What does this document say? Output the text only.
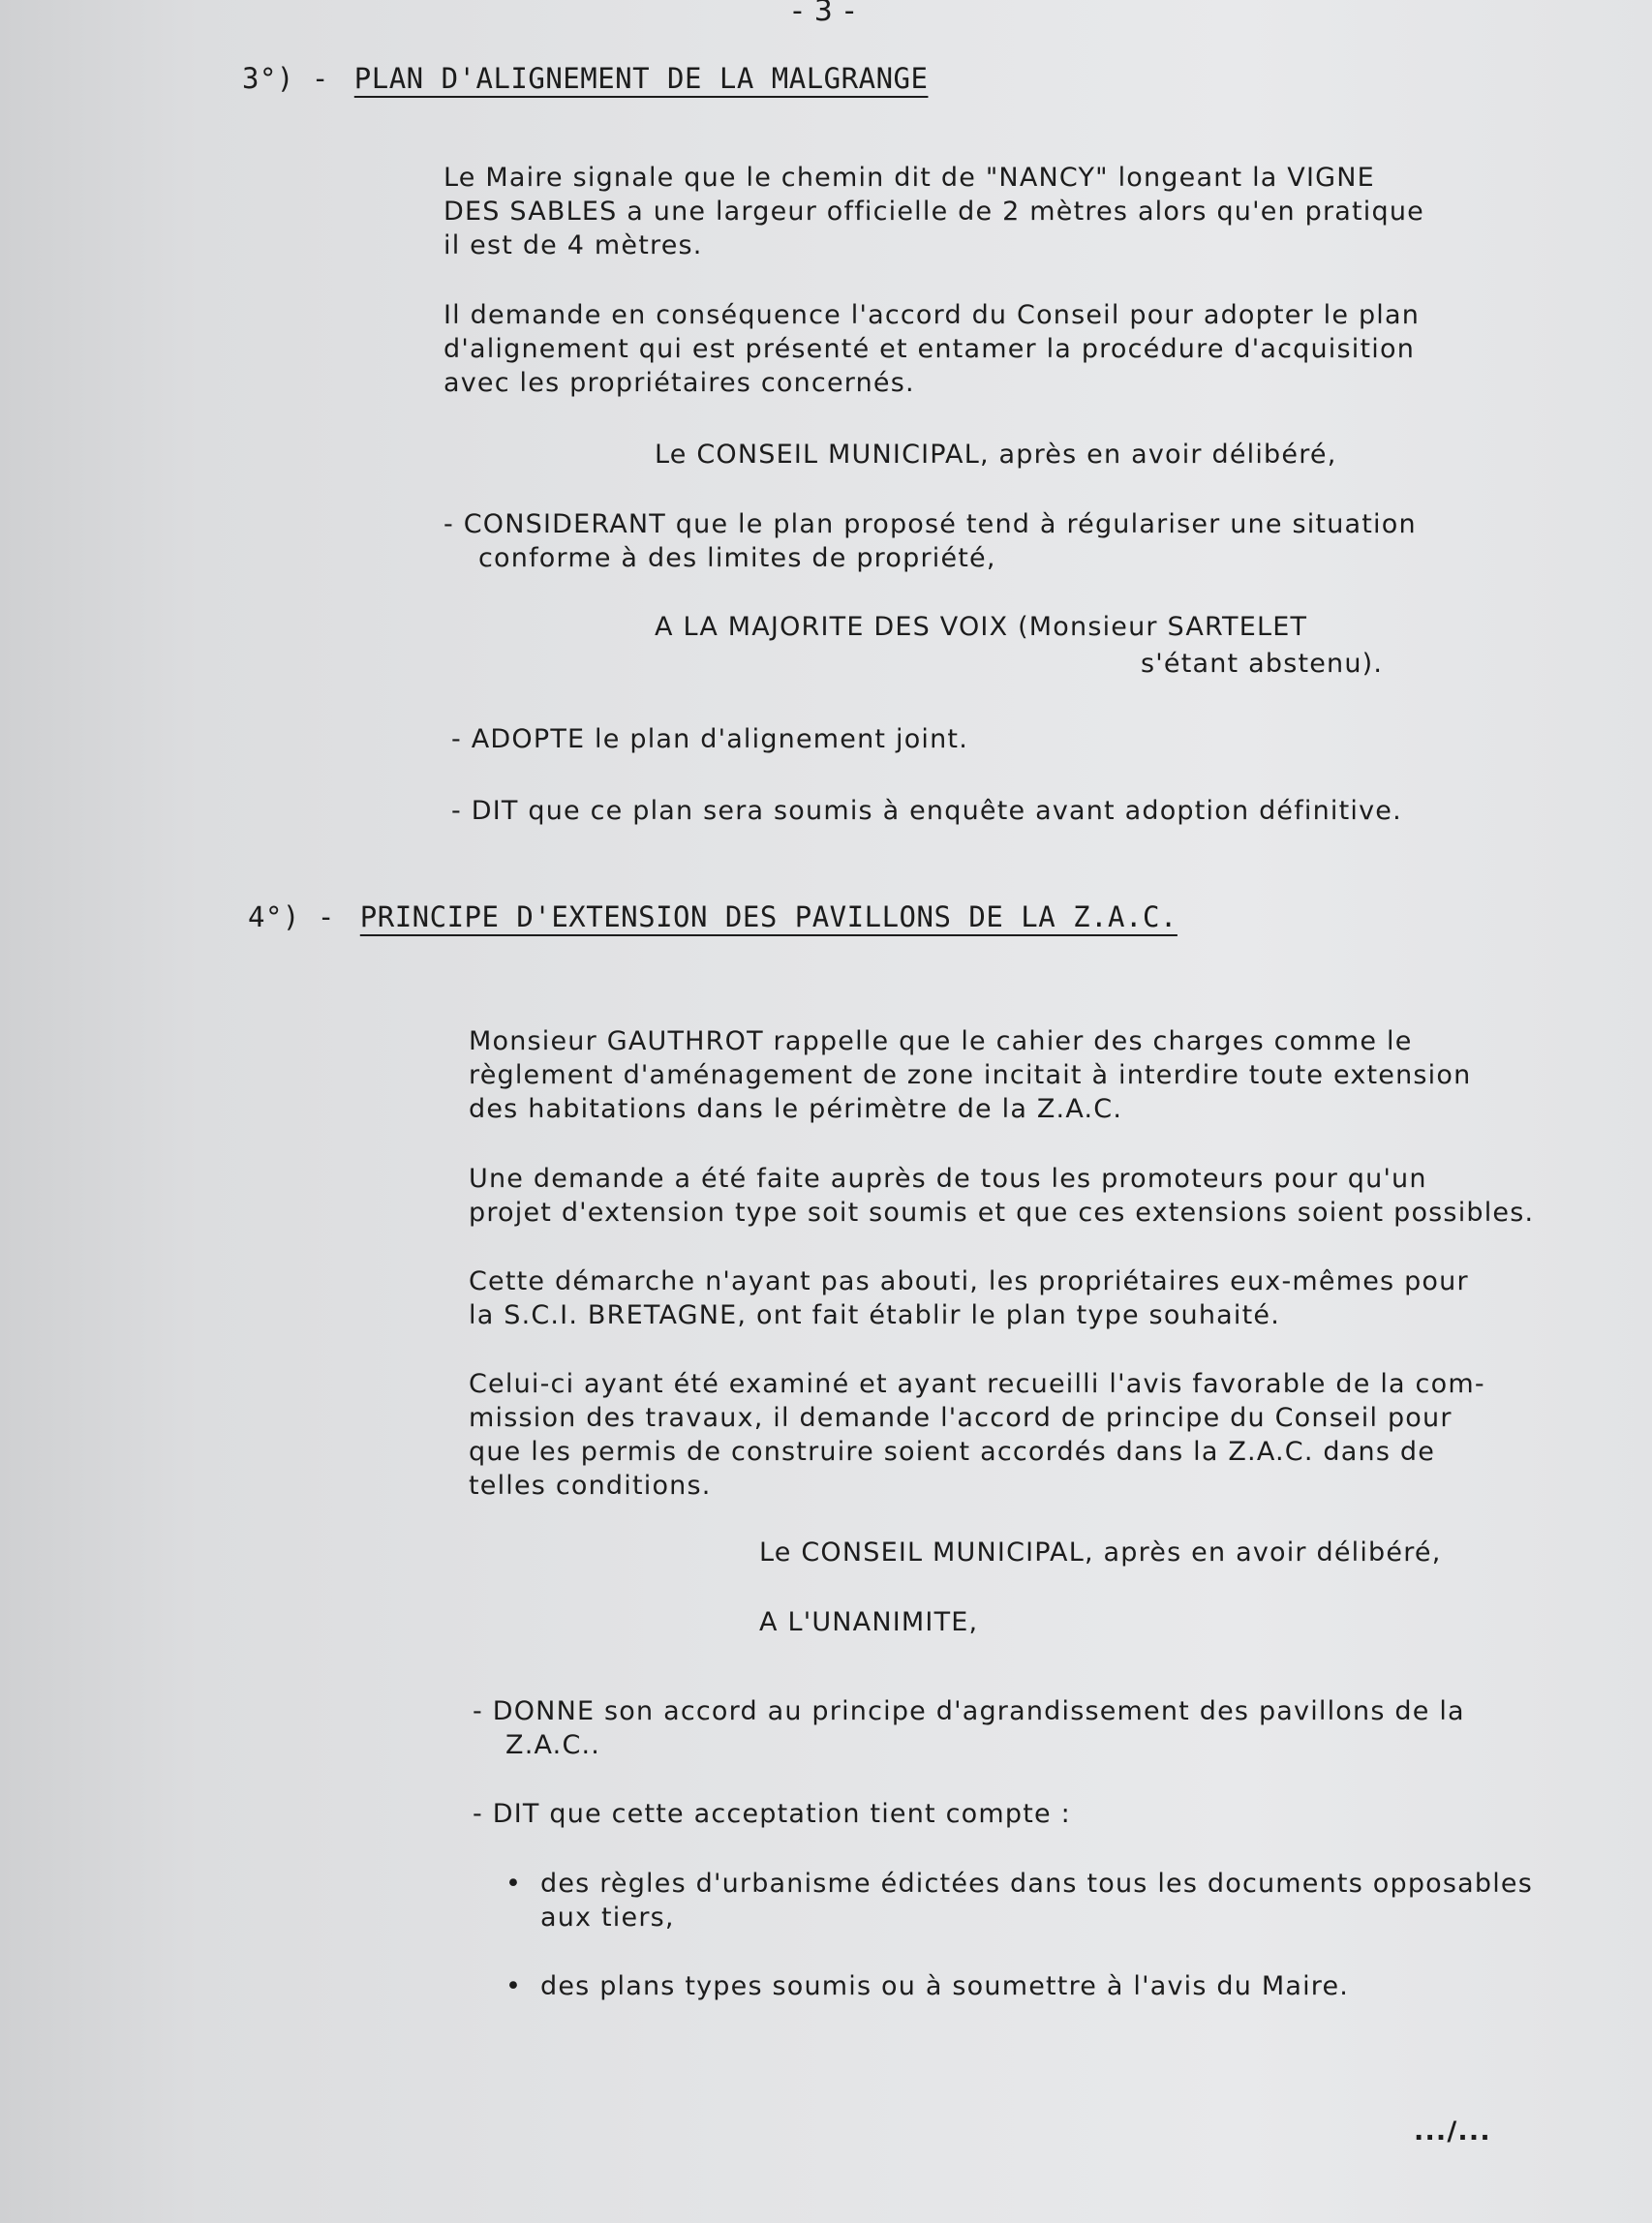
- 3 -
3°) - PLAN D'ALIGNEMENT DE LA MALGRANGE
Le Maire signale que le chemin dit de "NANCY" longeant la VIGNE
DES SABLES a une largeur officielle de 2 mètres alors qu'en pratique
il est de 4 mètres.
Il demande en conséquence l'accord du Conseil pour adopter le plan
d'alignement qui est présenté et entamer la procédure d'acquisition
avec les propriétaires concernés.
Le CONSEIL MUNICIPAL, après en avoir délibéré,
- CONSIDERANT que le plan proposé tend à régulariser une situation
conforme à des limites de propriété,
A LA MAJORITE DES VOIX (Monsieur SARTELET
s'étant abstenu).
- ADOPTE le plan d'alignement joint.
- DIT que ce plan sera soumis à enquête avant adoption définitive.
4°) - PRINCIPE D'EXTENSION DES PAVILLONS DE LA Z.A.C.
Monsieur GAUTHROT rappelle que le cahier des charges comme le
règlement d'aménagement de zone incitait à interdire toute extension
des habitations dans le périmètre de la Z.A.C.
Une demande a été faite auprès de tous les promoteurs pour qu'un
projet d'extension type soit soumis et que ces extensions soient possibles.
Cette démarche n'ayant pas abouti, les propriétaires eux-mêmes pour
la S.C.I. BRETAGNE, ont fait établir le plan type souhaité.
Celui-ci ayant été examiné et ayant recueilli l'avis favorable de la com-
mission des travaux, il demande l'accord de principe du Conseil pour
que les permis de construire soient accordés dans la Z.A.C. dans de
telles conditions.
Le CONSEIL MUNICIPAL, après en avoir délibéré,
A L'UNANIMITE,
- DONNE son accord au principe d'agrandissement des pavillons de la
Z.A.C..
- DIT que cette acceptation tient compte :
• des règles d'urbanisme édictées dans tous les documents opposables
aux tiers,
• des plans types soumis ou à soumettre à l'avis du Maire.
.../...
